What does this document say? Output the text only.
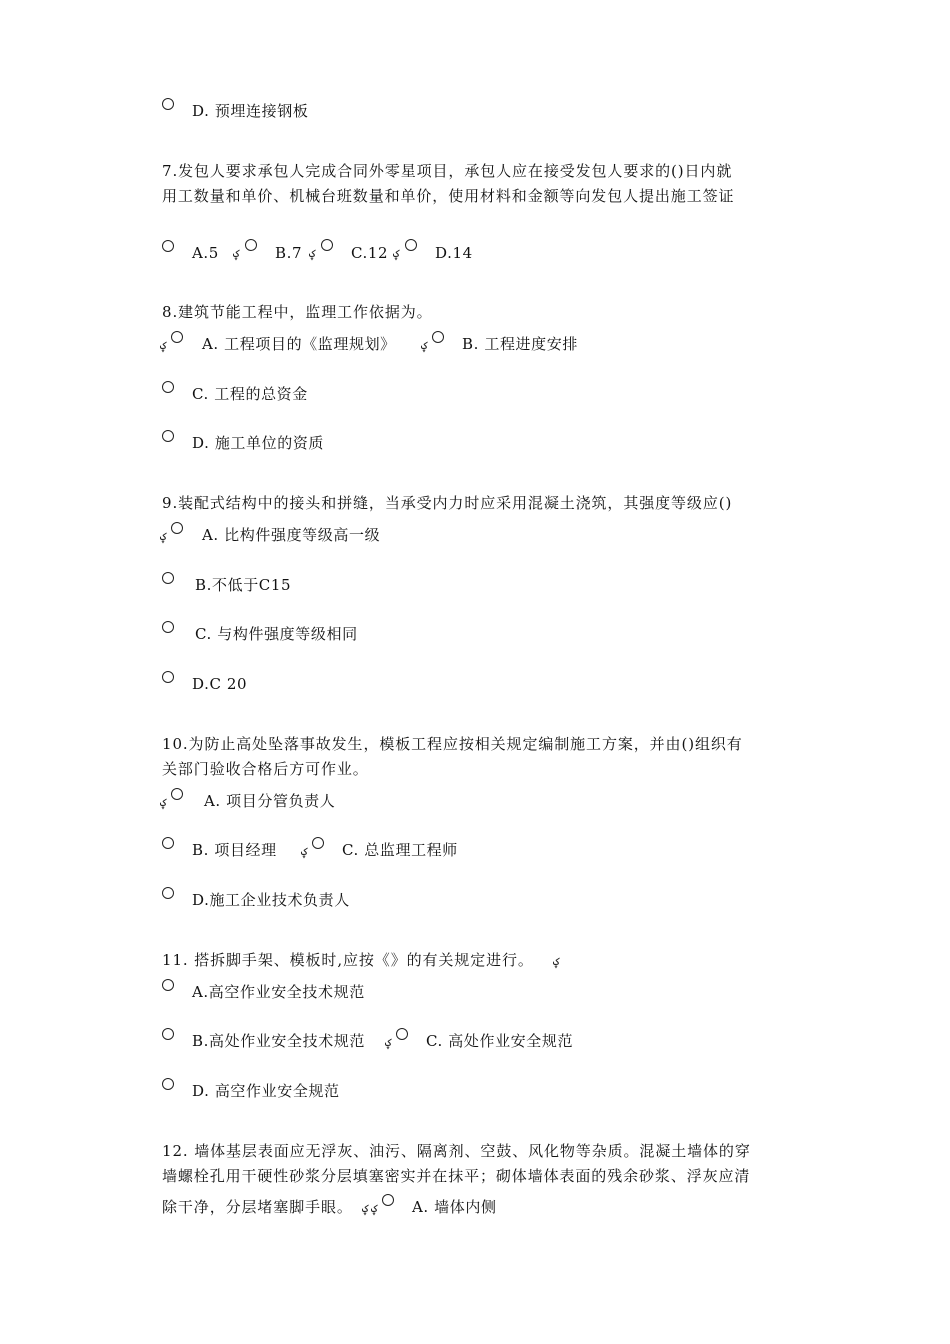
D. 预埋连接钢板
7.发包人要求承包人完成合同外零星项目，承包人应在接受发包人要求的()日内就
用工数量和单价、机械台班数量和单价，使用材料和金额等向发包人提出施工签证
A.5 ؼ B.7 ؼ C.12 ؼ D.14
8.建筑节能工程中，监理工作依据为。
ؼ A. 工程项目的《监理规划》 ؼ B. 工程进度安排
C. 工程的总资金
D. 施工单位的资质
9.装配式结构中的接头和拼缝，当承受内力时应采用混凝土浇筑，其强度等级应()
ؼ A. 比构件强度等级高一级
B.不低于C15
C. 与构件强度等级相同
D.C 20
10.为防止高处坠落事故发生，模板工程应按相关规定编制施工方案，并由()组织有
关部门验收合格后方可作业。
ؼ	A. 项目分管负责人
B. 项目经理 ؼ C. 总监理工程师
D.施工企业技术负责人
11. 搭拆脚手架、模板时,应按《》的有关规定进行。 ؼ
A.高空作业安全技术规范
B.高处作业安全技术规范 ؼ C. 高处作业安全规范
D. 高空作业安全规范
12. 墙体基层表面应无浮灰、油污、隔离剂、空鼓、风化物等杂质。混凝土墙体的穿
墙螺栓孔用干硬性砂浆分层填塞密实并在抹平；砌体墙体表面的残余砂浆、浮灰应清
除干净，分层堵塞脚手眼。 ؼ ؼ A. 墙体内侧
